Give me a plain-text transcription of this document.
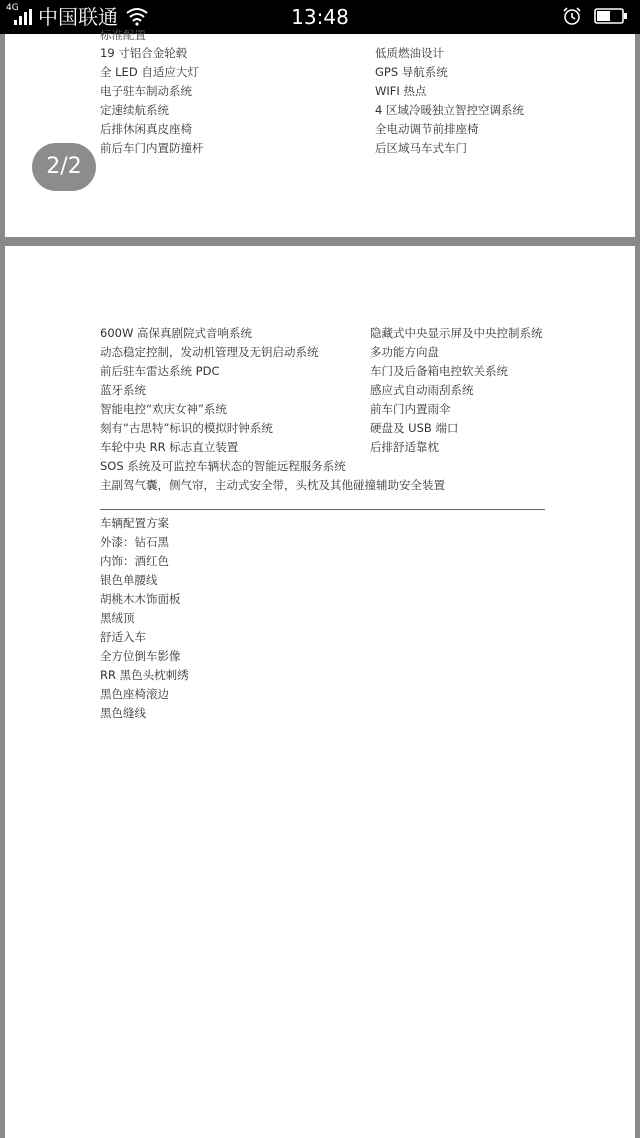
4G 中国联通	13:48
标准配置
19 寸铝合金轮毂
全 LED 自适应大灯
电子驻车制动系统
定速续航系统
后排休闲真皮座椅
前后车门内置防撞杆
低质燃油设计
GPS 导航系统
WIFI 热点
4 区域冷暖独立智控空调系统
全电动调节前排座椅
后区域马车式车门
2/2
600W 高保真剧院式音响系统
动态稳定控制，发动机管理及无钥启动系统
前后驻车雷达系统 PDC
蓝牙系统
智能电控“欢庆女神”系统
刻有“古思特”标识的模拟时钟系统
车轮中央 RR 标志直立装置
SOS 系统及可监控车辆状态的智能远程服务系统
主副驾气囊，侧气帘，主动式安全带，头枕及其他碰撞辅助安全装置
隐藏式中央显示屏及中央控制系统
多功能方向盘
车门及后备箱电控软关系统
感应式自动雨刮系统
前车门内置雨伞
硬盘及 USB 端口
后排舒适靠枕
车辆配置方案
外漆：钻石黑
内饰：酒红色
银色单腰线
胡桃木木饰面板
黑绒顶
舒适入车
全方位倒车影像
RR 黑色头枕刺绣
黑色座椅滚边
黑色缝线
